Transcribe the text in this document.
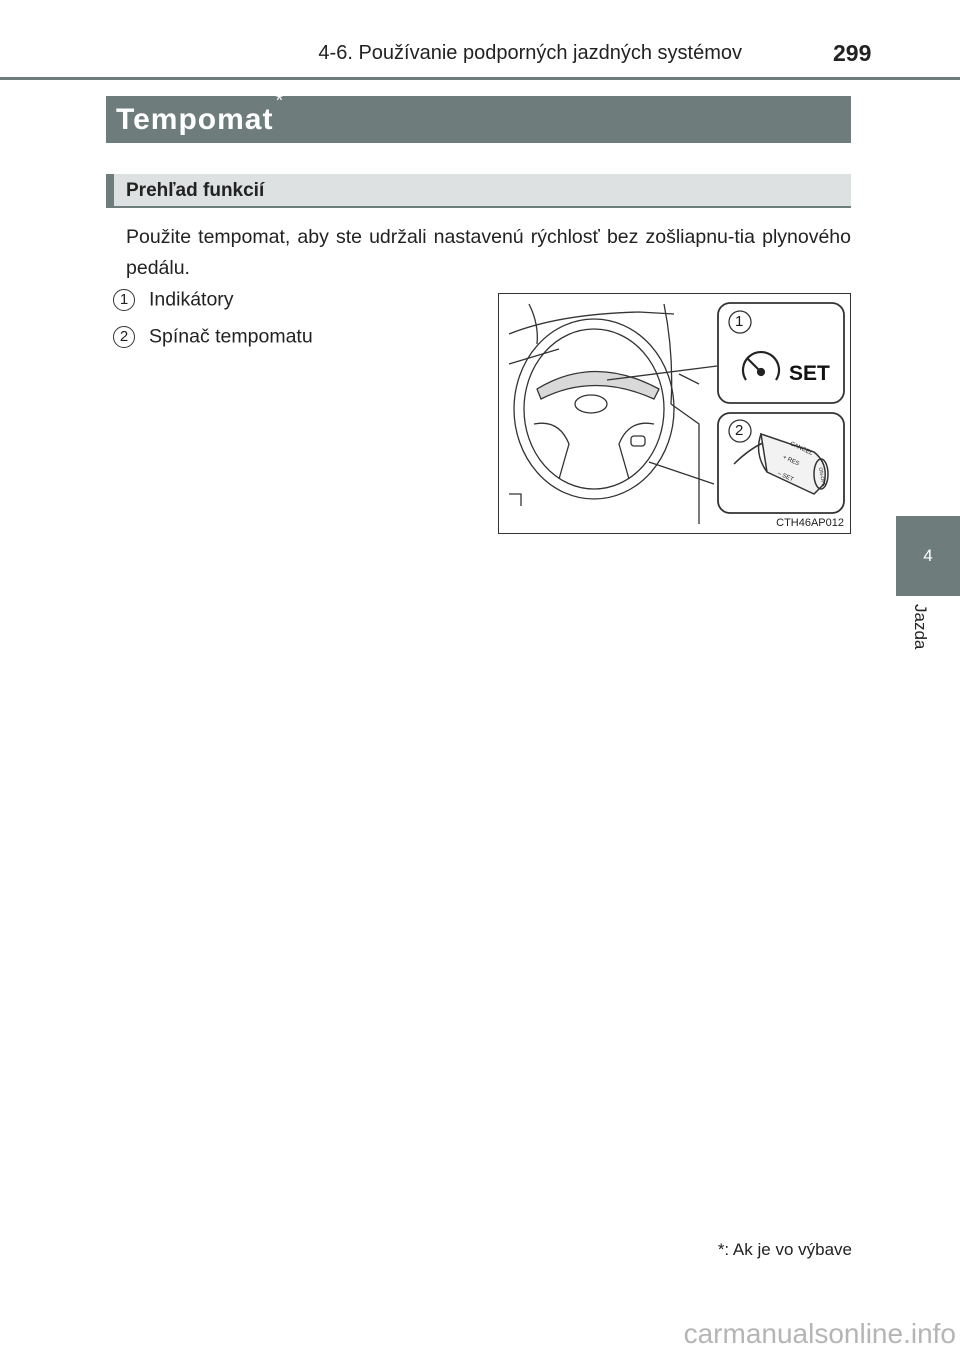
4-6. Používanie podporných jazdných systémov	299
Tempomat*
Prehľad funkcií
Použite tempomat, aby ste udržali nastavenú rýchlosť bez zošliapnu-tia plynového pedálu.
1 Indikátory
2 Spínač tempomatu
1
2
SET
CANCEL
+ RES
– SET	ON-OFF
CTH46AP012
4
Jazda
*: Ak je vo výbave
carmanualsonline.info
